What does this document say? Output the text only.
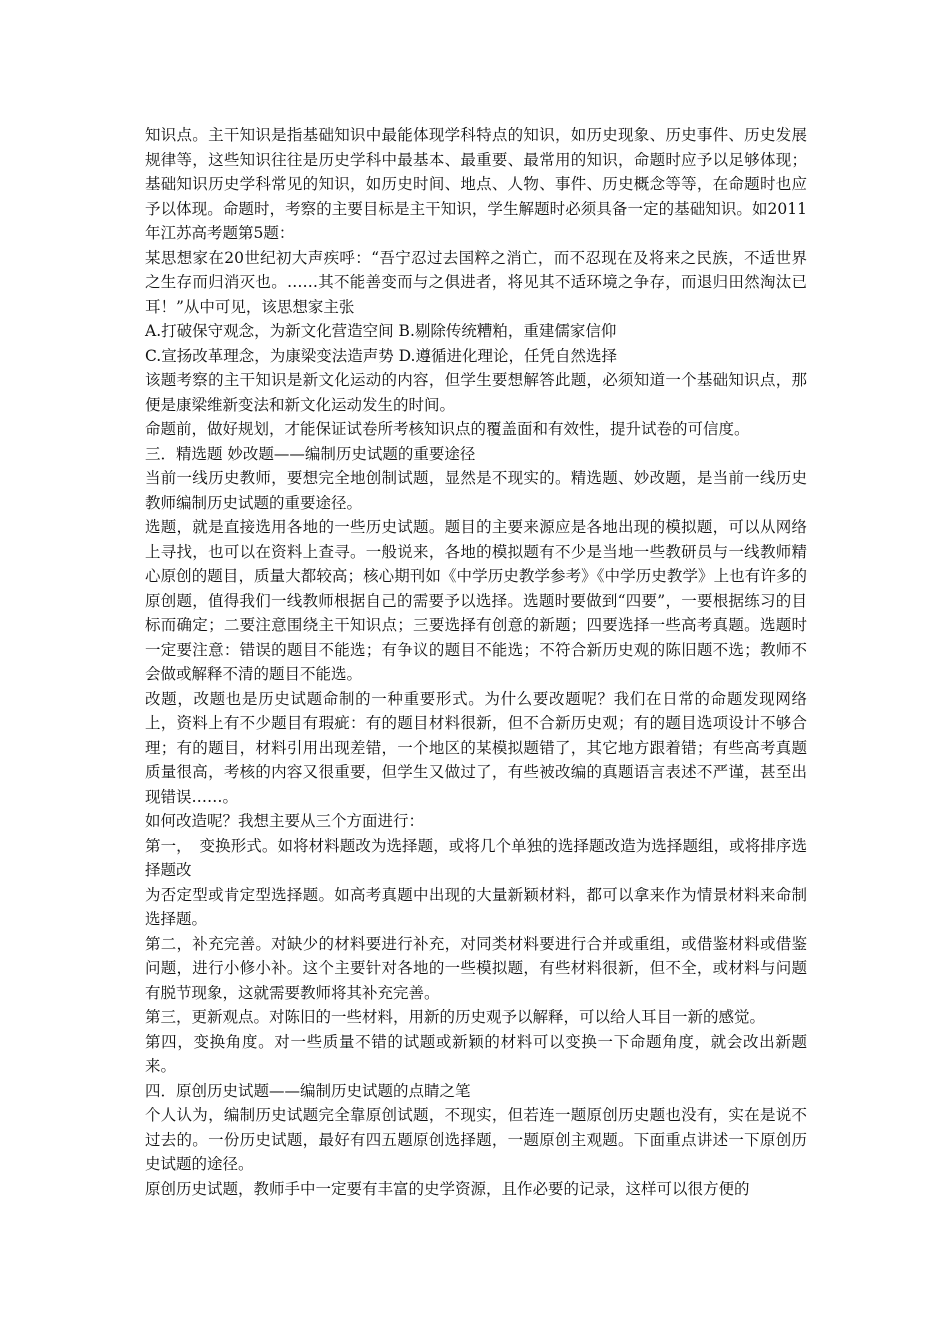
知识点。主干知识是指基础知识中最能体现学科特点的知识，如历史现象、历史事件、历史发展规律等，这些知识往往是历史学科中最基本、最重要、最常用的知识，命题时应予以足够体现；基础知识历史学科常见的知识，如历史时间、地点、人物、事件、历史概念等等，在命题时也应予以体现。命题时，考察的主要目标是主干知识，学生解题时必须具备一定的基础知识。如2011年江苏高考题第5题：

某思想家在20世纪初大声疾呼：“吾宁忍过去国粹之消亡，而不忍现在及将来之民族，不适世界之生存而归消灭也。……其不能善变而与之俱进者，将见其不适环境之争存，而退归田然淘汰已耳！”从中可见，该思想家主张

A.打破保守观念，为新文化营造空间 B.剔除传统糟粕，重建儒家信仰

C.宣扬改革理念，为康梁变法造声势 D.遵循进化理论，任凭自然选择

该题考察的主干知识是新文化运动的内容，但学生要想解答此题，必须知道一个基础知识点，那便是康梁维新变法和新文化运动发生的时间。

命题前，做好规划，才能保证试卷所考核知识点的覆盖面和有效性，提升试卷的可信度。

三．精选题 妙改题——编制历史试题的重要途径

当前一线历史教师，要想完全地创制试题，显然是不现实的。精选题、妙改题，是当前一线历史教师编制历史试题的重要途径。

选题，就是直接选用各地的一些历史试题。题目的主要来源应是各地出现的模拟题，可以从网络上寻找，也可以在资料上查寻。一般说来，各地的模拟题有不少是当地一些教研员与一线教师精心原创的题目，质量大都较高；核心期刊如《中学历史教学参考》《中学历史教学》上也有许多的原创题，值得我们一线教师根据自己的需要予以选择。选题时要做到“四要”，一要根据练习的目标而确定；二要注意围绕主干知识点；三要选择有创意的新题；四要选择一些高考真题。选题时一定要注意：错误的题目不能选；有争议的题目不能选；不符合新历史观的陈旧题不选；教师不会做或解释不清的题目不能选。

改题，改题也是历史试题命制的一种重要形式。为什么要改题呢？我们在日常的命题发现网络上，资料上有不少题目有瑕疵：有的题目材料很新，但不合新历史观；有的题目选项设计不够合理；有的题目，材料引用出现差错，一个地区的某模拟题错了，其它地方跟着错；有些高考真题质量很高，考核的内容又很重要，但学生又做过了，有些被改编的真题语言表述不严谨，甚至出现错误……。

如何改造呢？我想主要从三个方面进行：

第一，　变换形式。如将材料题改为选择题，或将几个单独的选择题改造为选择题组，或将排序选择题改

为否定型或肯定型选择题。如高考真题中出现的大量新颖材料，都可以拿来作为情景材料来命制选择题。

第二，补充完善。对缺少的材料要进行补充，对同类材料要进行合并或重组，或借鉴材料或借鉴问题，进行小修小补。这个主要针对各地的一些模拟题，有些材料很新，但不全，或材料与问题有脱节现象，这就需要教师将其补充完善。

第三，更新观点。对陈旧的一些材料，用新的历史观予以解释，可以给人耳目一新的感觉。

第四，变换角度。对一些质量不错的试题或新颖的材料可以变换一下命题角度，就会改出新题来。

四．原创历史试题——编制历史试题的点睛之笔

个人认为，编制历史试题完全靠原创试题，不现实，但若连一题原创历史题也没有，实在是说不过去的。一份历史试题，最好有四五题原创选择题，一题原创主观题。下面重点讲述一下原创历史试题的途径。

原创历史试题，教师手中一定要有丰富的史学资源，且作必要的记录，这样可以很方便的
